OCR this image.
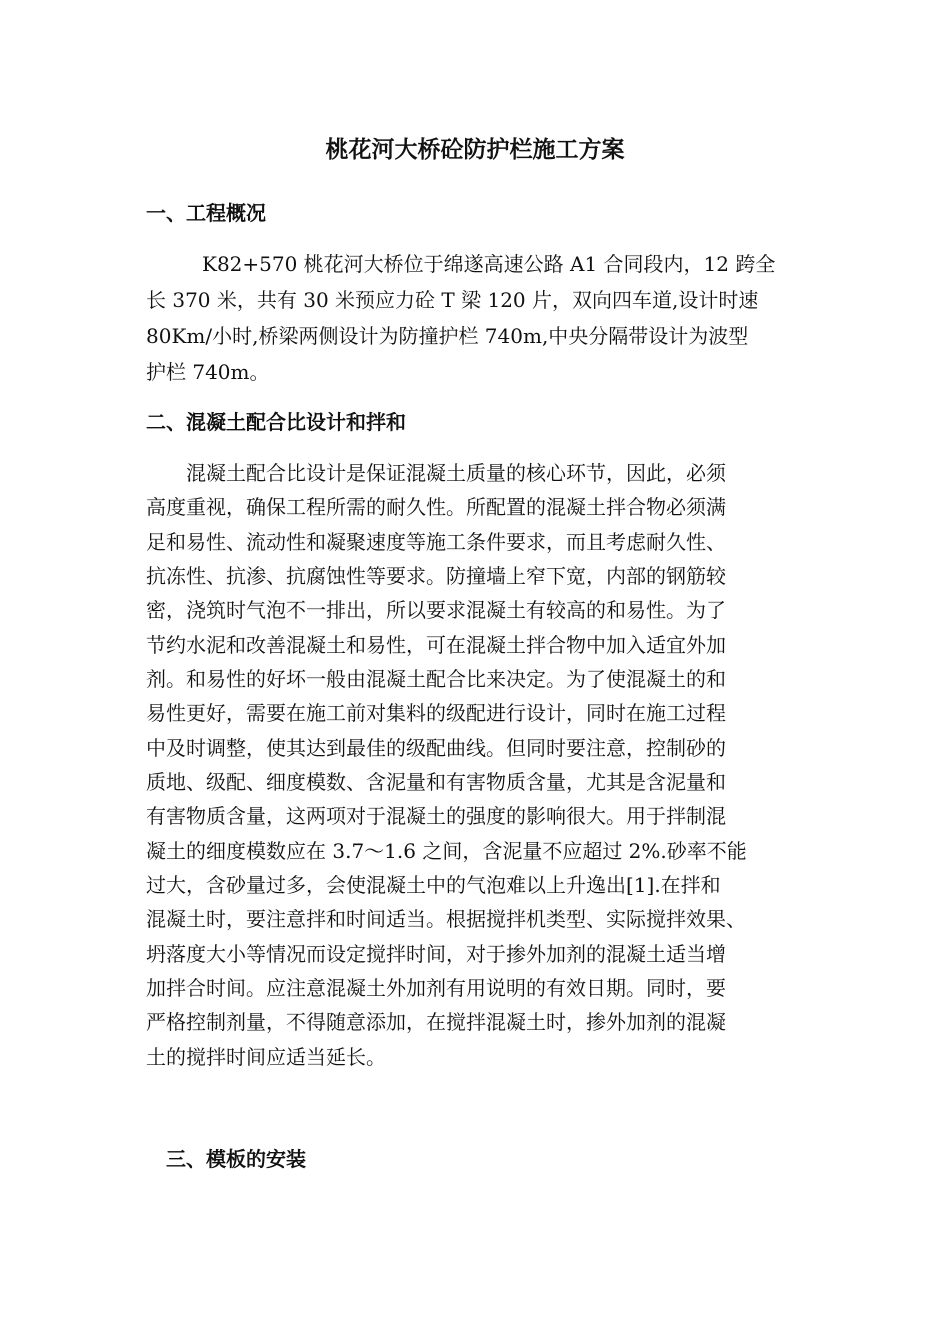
桃花河大桥砼防护栏施工方案
一、工程概况
K82+570 桃花河大桥位于绵遂高速公路 A1 合同段内，12 跨全
长 370 米，共有 30 米预应力砼 T 梁 120 片，双向四车道,设计时速
80Km/小时,桥梁两侧设计为防撞护栏 740m,中央分隔带设计为波型
护栏 740m。
二、混凝土配合比设计和拌和
混凝土配合比设计是保证混凝土质量的核心环节，因此，必须
高度重视，确保工程所需的耐久性。所配置的混凝土拌合物必须满
足和易性、流动性和凝聚速度等施工条件要求，而且考虑耐久性、
抗冻性、抗渗、抗腐蚀性等要求。防撞墙上窄下宽，内部的钢筋较
密，浇筑时气泡不一排出，所以要求混凝土有较高的和易性。为了
节约水泥和改善混凝土和易性，可在混凝土拌合物中加入适宜外加
剂。和易性的好坏一般由混凝土配合比来决定。为了使混凝土的和
易性更好，需要在施工前对集料的级配进行设计，同时在施工过程
中及时调整，使其达到最佳的级配曲线。但同时要注意，控制砂的
质地、级配、细度模数、含泥量和有害物质含量，尤其是含泥量和
有害物质含量，这两项对于混凝土的强度的影响很大。用于拌制混
凝土的细度模数应在 3.7～1.6 之间，含泥量不应超过 2%.砂率不能
过大，含砂量过多，会使混凝土中的气泡难以上升逸出[1].在拌和
混凝土时，要注意拌和时间适当。根据搅拌机类型、实际搅拌效果、
坍落度大小等情况而设定搅拌时间，对于掺外加剂的混凝土适当增
加拌合时间。应注意混凝土外加剂有用说明的有效日期。同时，要
严格控制剂量，不得随意添加，在搅拌混凝土时，掺外加剂的混凝
土的搅拌时间应适当延长。
三、模板的安装
